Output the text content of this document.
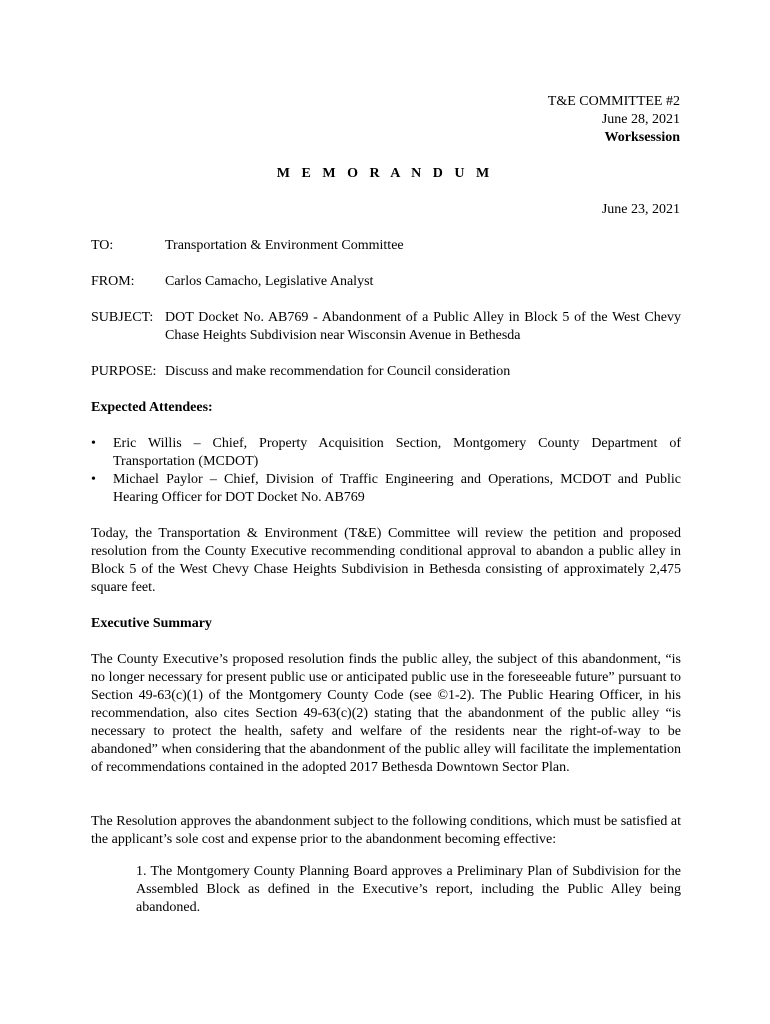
T&E COMMITTEE #2

June 28, 2021

Worksession

M E M O R A N D U M

June 23, 2021

TO:	Transportation & Environment Committee
FROM: Carlos Camacho, Legislative Analyst
SUBJECT: DOT Docket No. AB769 - Abandonment of a Public Alley in Block 5 of the West Chevy Chase Heights Subdivision near Wisconsin Avenue in Bethesda
PURPOSE: Discuss and make recommendation for Council consideration

Expected Attendees:

• Eric Willis – Chief, Property Acquisition Section, Montgomery County Department of Transportation (MCDOT)
• Michael Paylor – Chief, Division of Traffic Engineering and Operations, MCDOT and Public Hearing Officer for DOT Docket No. AB769

Today, the Transportation & Environment (T&E) Committee will review the petition and proposed resolution from the County Executive recommending conditional approval to abandon a public alley in Block 5 of the West Chevy Chase Heights Subdivision in Bethesda consisting of approximately 2,475 square feet.

Executive Summary

The County Executive’s proposed resolution finds the public alley, the subject of this abandonment, “is no longer necessary for present public use or anticipated public use in the foreseeable future” pursuant to Section 49-63(c)(1) of the Montgomery County Code (see ©1-2). The Public Hearing Officer, in his recommendation, also cites Section 49-63(c)(2) stating that the abandonment of the public alley “is necessary to protect the health, safety and welfare of the residents near the right-of-way to be abandoned” when considering that the abandonment of the public alley will facilitate the implementation of recommendations contained in the adopted 2017 Bethesda Downtown Sector Plan.

The Resolution approves the abandonment subject to the following conditions, which must be satisfied at the applicant’s sole cost and expense prior to the abandonment becoming effective:

1. The Montgomery County Planning Board approves a Preliminary Plan of Subdivision for the Assembled Block as defined in the Executive’s report, including the Public Alley being abandoned.
